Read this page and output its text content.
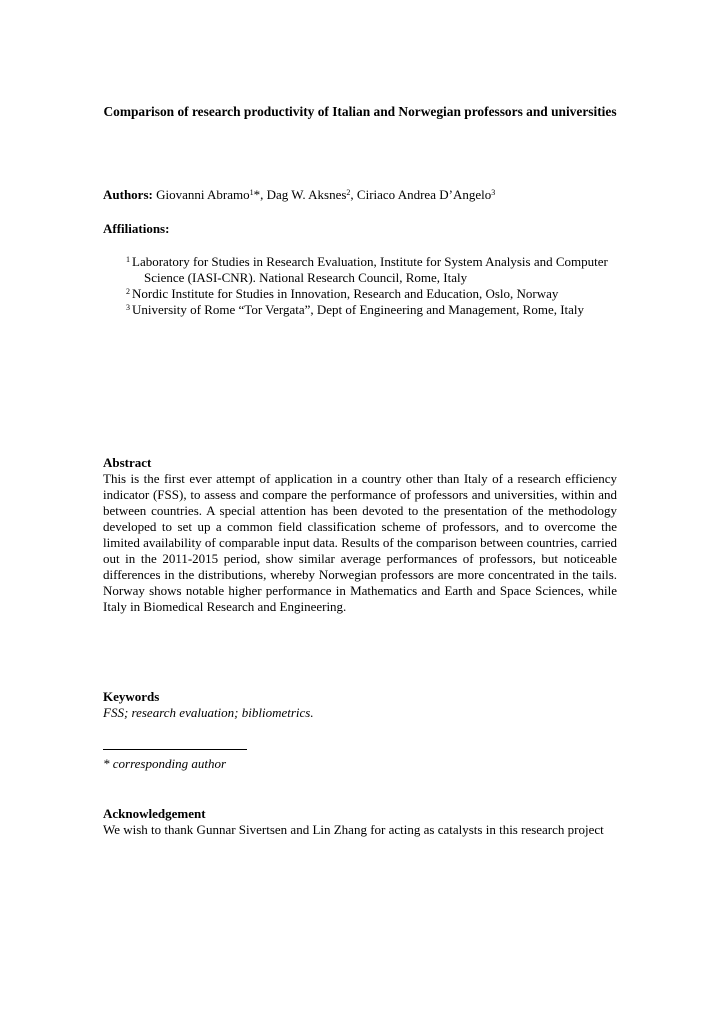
Comparison of research productivity of Italian and Norwegian professors and universities
Authors: Giovanni Abramo$^1$*, Dag W. Aksnes$^2$, Ciriaco Andrea D’Angelo$^3$
Affiliations:
$^1$ Laboratory for Studies in Research Evaluation, Institute for System Analysis and Computer Science (IASI-CNR). National Research Council, Rome, Italy
$^2$ Nordic Institute for Studies in Innovation, Research and Education, Oslo, Norway
$^3$ University of Rome “Tor Vergata”, Dept of Engineering and Management, Rome, Italy
Abstract
This is the first ever attempt of application in a country other than Italy of a research efficiency indicator (FSS), to assess and compare the performance of professors and universities, within and between countries. A special attention has been devoted to the presentation of the methodology developed to set up a common field classification scheme of professors, and to overcome the limited availability of comparable input data. Results of the comparison between countries, carried out in the 2011-2015 period, show similar average performances of professors, but noticeable differences in the distributions, whereby Norwegian professors are more concentrated in the tails. Norway shows notable higher performance in Mathematics and Earth and Space Sciences, while Italy in Biomedical Research and Engineering.
Keywords
FSS; research evaluation; bibliometrics.
* corresponding author
Acknowledgement
We wish to thank Gunnar Sivertsen and Lin Zhang for acting as catalysts in this research project
